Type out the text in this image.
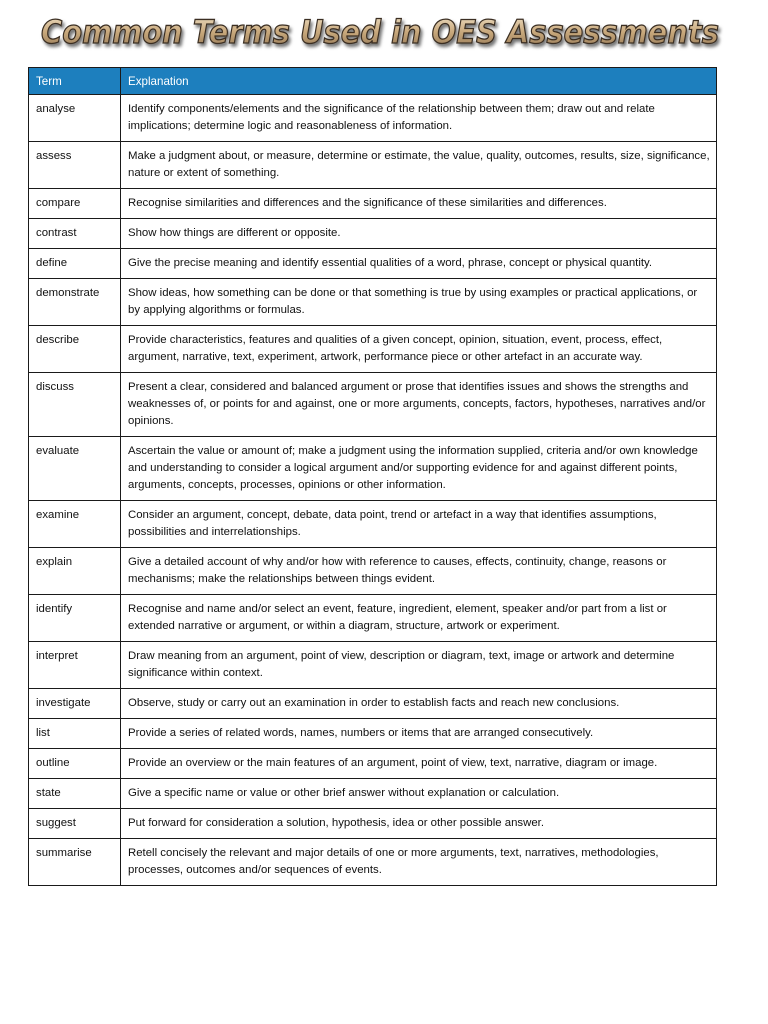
Common Terms Used in OES Assessments
Term	Explanation
analyse	Identify components/elements and the significance of the relationship between them; draw out and relate implications; determine logic and reasonableness of information.
assess	Make a judgment about, or measure, determine or estimate, the value, quality, outcomes, results, size, significance, nature or extent of something.
compare	Recognise similarities and differences and the significance of these similarities and differences.
contrast	Show how things are different or opposite.
define	Give the precise meaning and identify essential qualities of a word, phrase, concept or physical quantity.
demonstrate	Show ideas, how something can be done or that something is true by using examples or practical applications, or by applying algorithms or formulas.
describe	Provide characteristics, features and qualities of a given concept, opinion, situation, event, process, effect, argument, narrative, text, experiment, artwork, performance piece or other artefact in an accurate way.
discuss	Present a clear, considered and balanced argument or prose that identifies issues and shows the strengths and weaknesses of, or points for and against, one or more arguments, concepts, factors, hypotheses, narratives and/or opinions.
evaluate	Ascertain the value or amount of; make a judgment using the information supplied, criteria and/or own knowledge and understanding to consider a logical argument and/or supporting evidence for and against different points, arguments, concepts, processes, opinions or other information.
examine	Consider an argument, concept, debate, data point, trend or artefact in a way that identifies assumptions, possibilities and interrelationships.
explain	Give a detailed account of why and/or how with reference to causes, effects, continuity, change, reasons or mechanisms; make the relationships between things evident.
identify	Recognise and name and/or select an event, feature, ingredient, element, speaker and/or part from a list or extended narrative or argument, or within a diagram, structure, artwork or experiment.
interpret	Draw meaning from an argument, point of view, description or diagram, text, image or artwork and determine significance within context.
investigate	Observe, study or carry out an examination in order to establish facts and reach new conclusions.
list	Provide a series of related words, names, numbers or items that are arranged consecutively.
outline	Provide an overview or the main features of an argument, point of view, text, narrative, diagram or image.
state	Give a specific name or value or other brief answer without explanation or calculation.
suggest	Put forward for consideration a solution, hypothesis, idea or other possible answer.
summarise	Retell concisely the relevant and major details of one or more arguments, text, narratives, methodologies, processes, outcomes and/or sequences of events.
